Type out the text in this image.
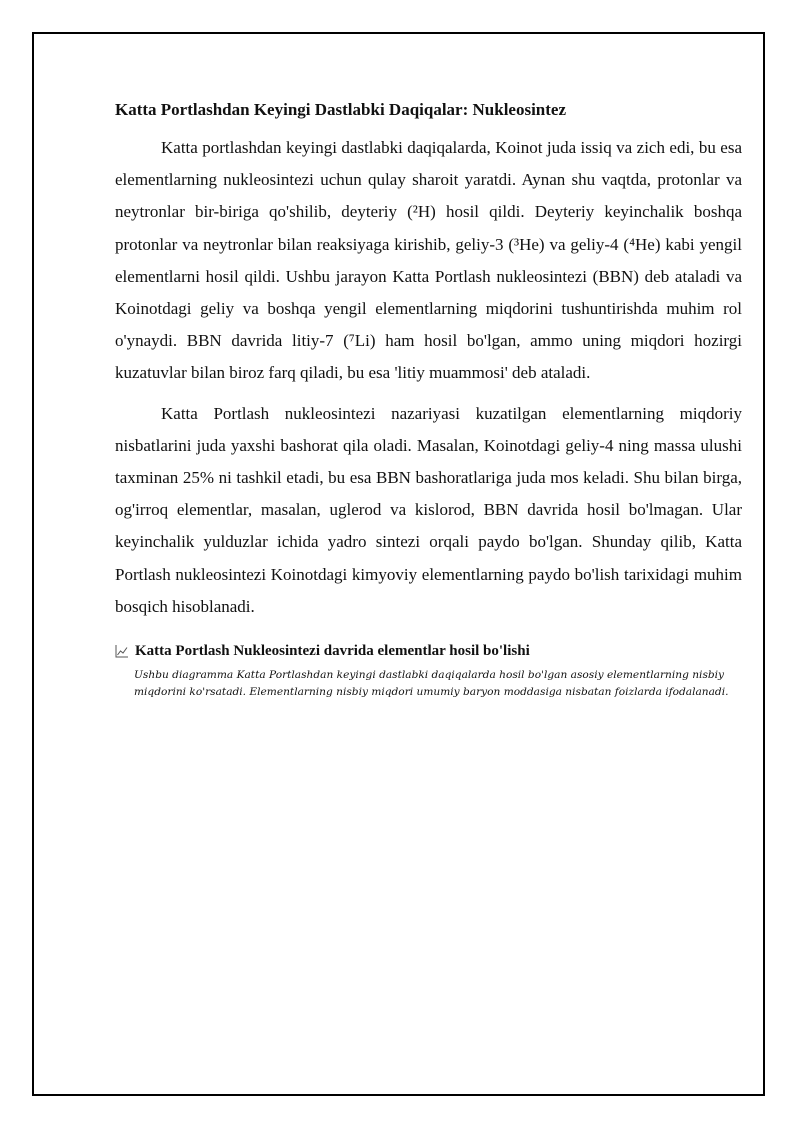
Katta Portlashdan Keyingi Dastlabki Daqiqalar: Nukleosintez

Katta portlashdan keyingi dastlabki daqiqalarda, Koinot juda issiq va zich edi, bu esa elementlarning nukleosintezi uchun qulay sharoit yaratdi. Aynan shu vaqtda, protonlar va neytronlar bir-biriga qo'shilib, deyteriy (²H) hosil qildi. Deyteriy keyinchalik boshqa protonlar va neytronlar bilan reaksiyaga kirishib, geliy-3 (³He) va geliy-4 (⁴He) kabi yengil elementlarni hosil qildi. Ushbu jarayon Katta Portlash nukleosintezi (BBN) deb ataladi va Koinotdagi geliy va boshqa yengil elementlarning miqdorini tushuntirishda muhim rol o'ynaydi. BBN davrida litiy-7 (⁷Li) ham hosil bo'lgan, ammo uning miqdori hozirgi kuzatuvlar bilan biroz farq qiladi, bu esa 'litiy muammosi' deb ataladi.

Katta Portlash nukleosintezi nazariyasi kuzatilgan elementlarning miqdoriy nisbatlarini juda yaxshi bashorat qila oladi. Masalan, Koinotdagi geliy-4 ning massa ulushi taxminan 25% ni tashkil etadi, bu esa BBN bashoratlariga juda mos keladi. Shu bilan birga, og'irroq elementlar, masalan, uglerod va kislorod, BBN davrida hosil bo'lmagan. Ular keyinchalik yulduzlar ichida yadro sintezi orqali paydo bo'lgan. Shunday qilib, Katta Portlash nukleosintezi Koinotdagi kimyoviy elementlarning paydo bo'lish tarixidagi muhim bosqich hisoblanadi.

Katta Portlash Nukleosintezi davrida elementlar hosil bo'lishi
Ushbu diagramma Katta Portlashdan keyingi dastlabki daqiqalarda hosil bo'lgan asosiy elementlarning nisbiy miqdorini ko'rsatadi. Elementlarning nisbiy miqdori umumiy baryon moddasiga nisbatan foizlarda ifodalanadi.
